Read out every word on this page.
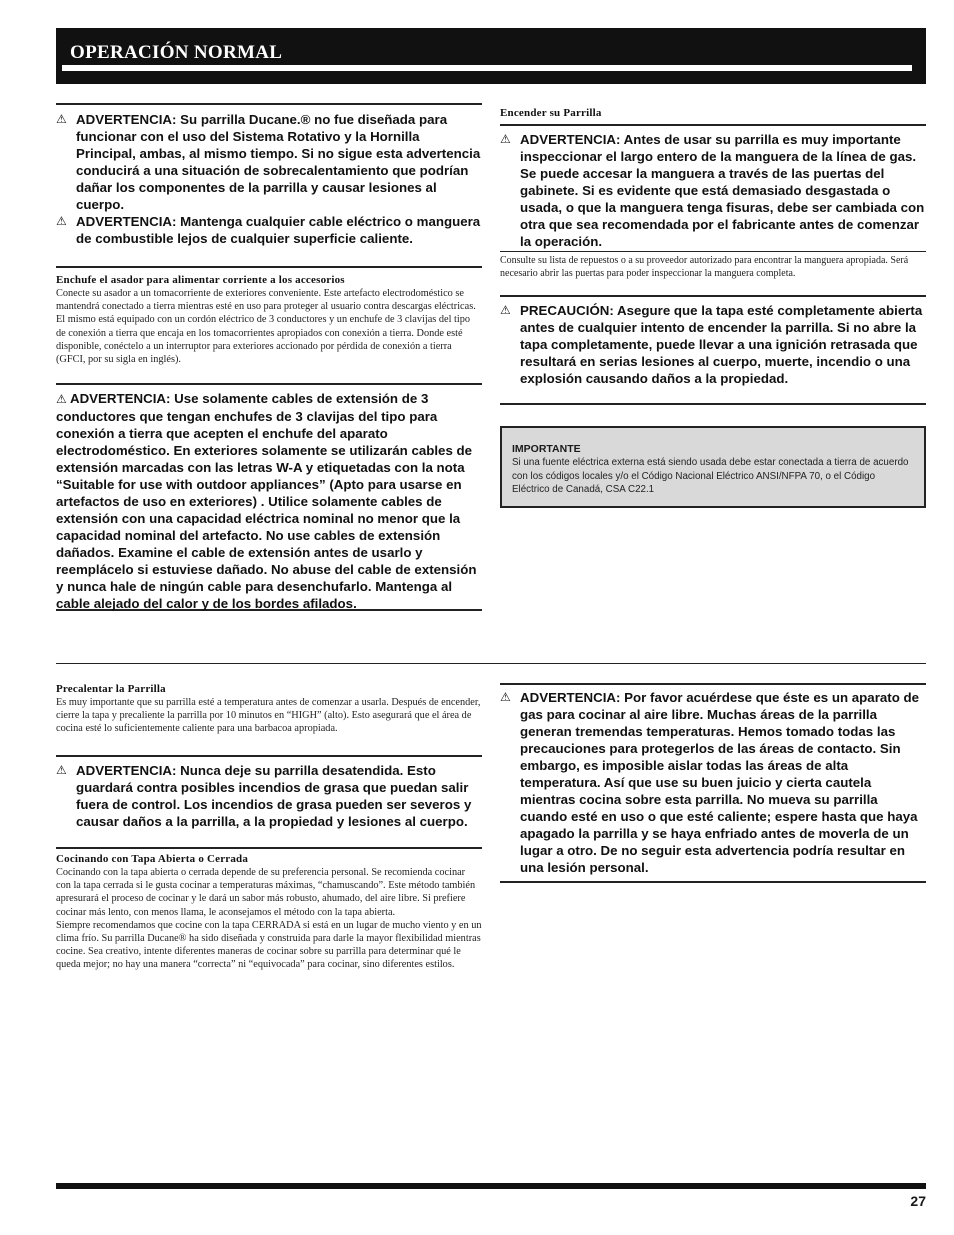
OPERACIÓN NORMAL
⚠ ADVERTENCIA: Su parrilla Ducane.® no fue diseñada para funcionar con el uso del Sistema Rotativo y la Hornilla Principal, ambas, al mismo tiempo. Si no sigue esta advertencia conducirá a una situación de sobrecalentamiento que podrían dañar los componentes de la parrilla y causar lesiones al cuerpo.
⚠ ADVERTENCIA: Mantenga cualquier cable eléctrico o manguera de combustible lejos de cualquier superficie caliente.
Enchufe el asador para alimentar corriente a los accesorios
Conecte su asador a un tomacorriente de exteriores conveniente. Este artefacto electrodoméstico se mantendrá conectado a tierra mientras esté en uso para proteger al usuario contra descargas eléctricas. El mismo está equipado con un cordón eléctrico de 3 conductores y un enchufe de 3 clavijas del tipo de conexión a tierra que encaja en los tomacorrientes apropiados con conexión a tierra. Donde esté disponible, conéctelo a un interruptor para exteriores accionado por pérdida de conexión a tierra (GFCI, por su sigla en inglés).
⚠ ADVERTENCIA: Use solamente cables de extensión de 3 conductores que tengan enchufes de 3 clavijas del tipo para conexión a tierra que acepten el enchufe del aparato electrodoméstico. En exteriores solamente se utilizarán cables de extensión marcadas con las letras W-A y etiquetadas con la nota “Suitable for use with outdoor appliances” (Apto para usarse en artefactos de uso en exteriores) . Utilice solamente cables de extensión con una capacidad eléctrica nominal no menor que la capacidad nominal del artefacto. No use cables de extensión dañados. Examine el cable de extensión antes de usarlo y reemplácelo si estuviese dañado. No abuse del cable de extensión y nunca hale de ningún cable para desenchufarlo. Mantenga al cable alejado del calor y de los bordes afilados.
Encender su Parrilla
⚠ ADVERTENCIA: Antes de usar su parrilla es muy importante inspeccionar el largo entero de la manguera de la línea de gas. Se puede accesar la manguera a través de las puertas del gabinete. Si es evidente que está demasiado desgastada o usada, o que la manguera tenga fisuras, debe ser cambiada con otra que sea recomendada por el fabricante antes de comenzar la operación.
Consulte su lista de repuestos o a su proveedor autorizado para encontrar la manguera apropiada. Será necesario abrir las puertas para poder inspeccionar la manguera completa.
⚠ PRECAUCIÓN: Asegure que la tapa esté completamente abierta antes de cualquier intento de encender la parrilla. Si no abre la tapa completamente, puede llevar a una ignición retrasada que resultará en serias lesiones al cuerpo, muerte, incendio o una explosión causando daños a la propiedad.
IMPORTANTE
Si una fuente eléctrica externa está siendo usada debe estar conectada a tierra de acuerdo con los códigos locales y/o el Código Nacional Eléctrico ANSI/NFPA 70, o el Código Eléctrico de Canadá, CSA C22.1
Precalentar la Parrilla
Es muy importante que su parrilla esté a temperatura antes de comenzar a usarla. Después de encender, cierre la tapa y precaliente la parrilla por 10 minutos en “HIGH” (alto). Esto asegurará que el área de cocina esté lo suficientemente caliente para una barbacoa apropiada.
⚠ ADVERTENCIA: Nunca deje su parrilla desatendida. Esto guardará contra posibles incendios de grasa que puedan salir fuera de control. Los incendios de grasa pueden ser severos y causar daños a la parrilla, a la propiedad y lesiones al cuerpo.
Cocinando con Tapa Abierta o Cerrada
Cocinando con la tapa abierta o cerrada depende de su preferencia personal. Se recomienda cocinar con la tapa cerrada si le gusta cocinar a temperaturas máximas, “chamuscando”. Este método también apresurará el proceso de cocinar y le dará un sabor más robusto, ahumado, del aire libre. Si prefiere cocinar más lento, con menos llama, le aconsejamos el método con la tapa abierta.
Siempre recomendamos que cocine con la tapa CERRADA si está en un lugar de mucho viento y en un clima frío. Su parrilla Ducane® ha sido diseñada y construida para darle la mayor flexibilidad mientras cocine. Sea creativo, intente diferentes maneras de cocinar sobre su parrilla para determinar qué le queda mejor; no hay una manera “correcta” ni “equivocada” para cocinar, sino diferentes estilos.
⚠ ADVERTENCIA: Por favor acuérdese que éste es un aparato de gas para cocinar al aire libre. Muchas áreas de la parrilla generan tremendas temperaturas. Hemos tomado todas las precauciones para protegerlos de las áreas de contacto. Sin embargo, es imposible aislar todas las áreas de alta temperatura. Así que use su buen juicio y cierta cautela mientras cocina sobre esta parrilla. No mueva su parrilla cuando esté en uso o que esté caliente; espere hasta que haya apagado la parrilla y se haya enfriado antes de moverla de un lugar a otro. De no seguir esta advertencia podría resultar en una lesión personal.
27
